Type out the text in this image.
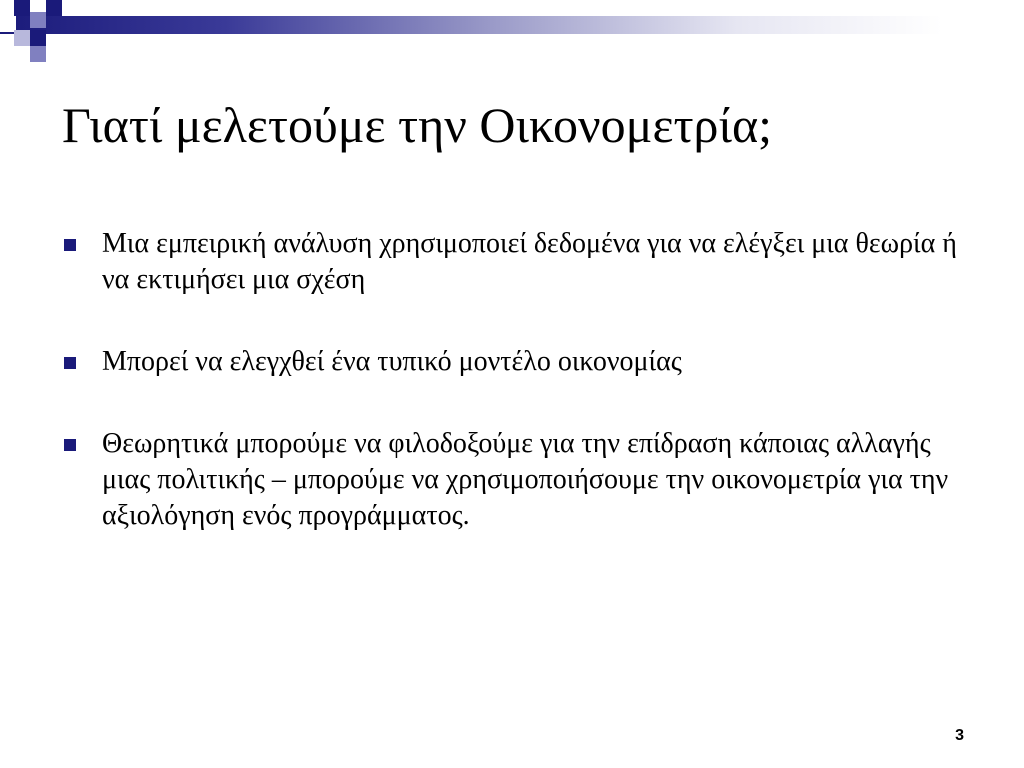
Γιατί μελετούμε την Οικονομετρία;
Μια εμπειρική ανάλυση χρησιμοποιεί δεδομένα για να ελέγξει μια θεωρία ή να εκτιμήσει μια σχέση
Μπορεί να ελεγχθεί ένα τυπικό μοντέλο οικονομίας
Θεωρητικά μπορούμε να φιλοδοξούμε για την επίδραση κάποιας αλλαγής μιας πολιτικής – μπορούμε να χρησιμοποιήσουμε την οικονομετρία για την αξιολόγηση ενός προγράμματος.
3
